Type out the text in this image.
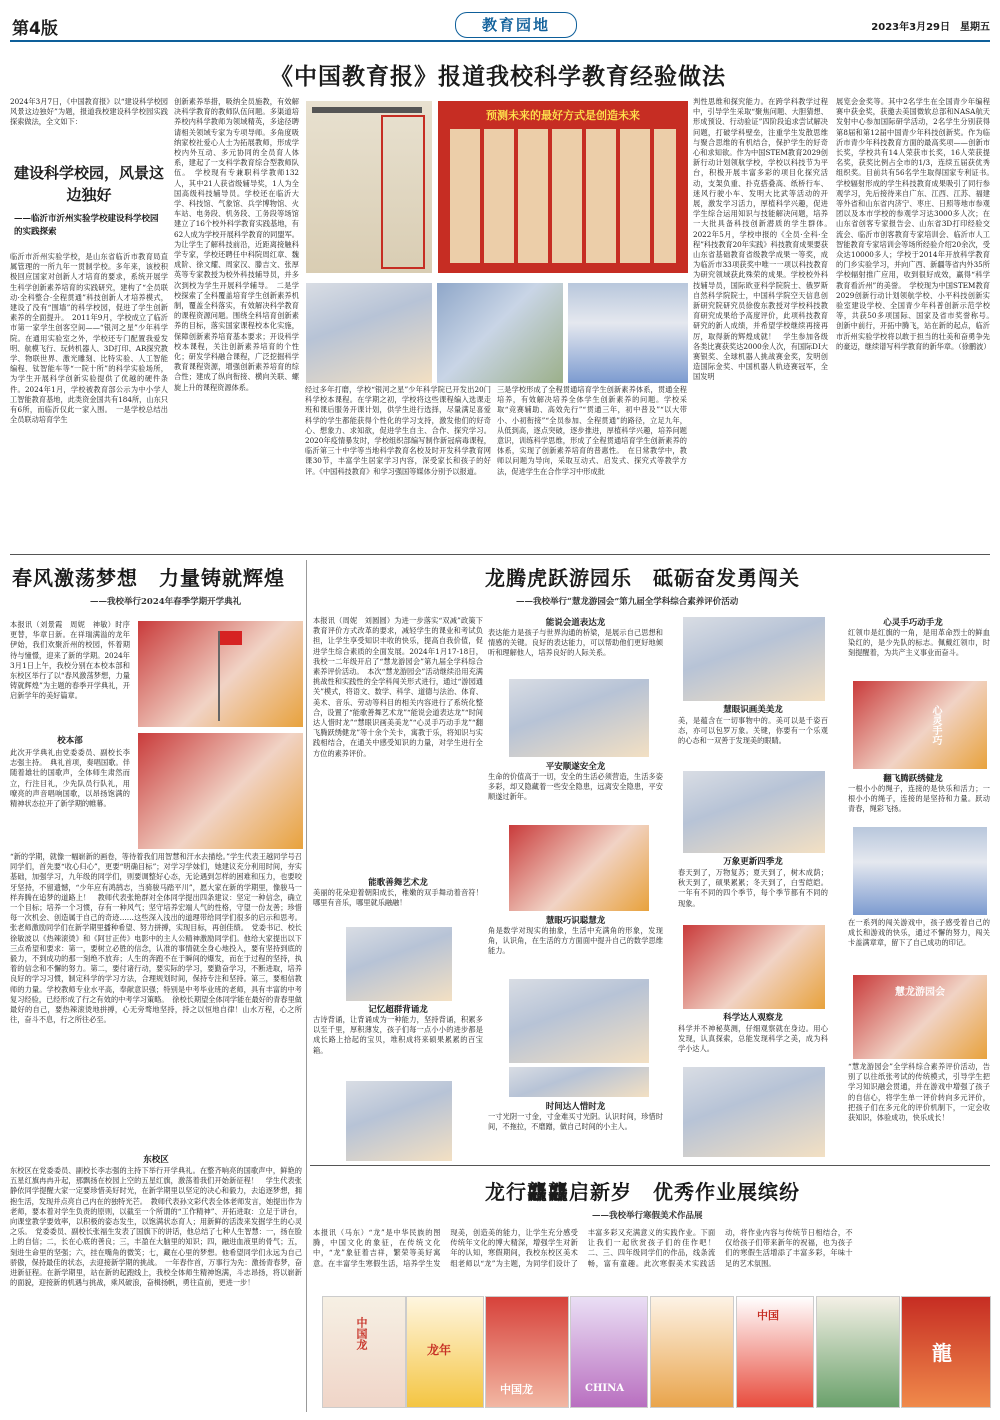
第4版	教育园地	2023年3月29日　星期五
《中国教育报》报道我校科学教育经验做法
2024年3月7日，《中国教育报》以“建设科学校园 风景这边独好”为题，报道我校建设科学校园实践探索做法，全文如下：
建设科学校园，风景这边独好
——临沂市沂州实验学校建设科学校园的实践探索
临沂市沂州实验学校，是山东省临沂市教育局直属管理的一所九年一贯制学校。多年来，该校积极回应国家对创新人才培育的要求，系统开展学生科学创新素养培育的实践研究，建构了“全员联动·全科整合·全程贯通”科技创新人才培养模式，建设了没有“围墙”的科学校园，促进了学生创新素养的全面提升。　2011年9月，学校成立了临沂市第一家学生创客空间——“银河之星”少年科学院。在通用实验室之外，学校还专门配置我爱发明、航模飞行、玩转机器人、3D打印、AR探究教学、物联世界、激光雕刻、比特实验、人工智能编程、钛智能车等“一院十所”的科学实验场所，为学生开展科学创新实验提供了优越的硬件条件。2024年1月，学校被教育部公示为中小学人工智能教育基地，此类资金国共有184所，山东只有6所，而临沂仅此一家入围。　一是学校总结出全员联动培育学生
创新素养举措，吸纳全员施教，有效解决科学教育的教师队伍问题。多渠道培养校内科学教师为领域精英，多途径聘请相关领域专家为专项导师。多角度吸纳家校社爱心人士为拓展教师，形成学校内外互动、多元协同的全员育人体系，建起了一支科学教育综合型教师队伍。　学校现有专兼职科学教师132人，其中21人获省级辅导奖，1人为全国高级科技辅导员。学校还在临沂大学、科技馆、气象馆、兵学博物馆、火车站、电务段、机务段、工务段等场馆建立了16个校外科学教育实践基地，有62人成为学校开展科学教育的同盟军。为让学生了解科技前沿，近距离接触科学专家，学校还聘任中科院周红章、魏成阶、徐文耀、周家汉、滕吉文、张厚英等专家教授为校外科技辅导员，并多次到校为学生开展科学辅导。　二是学校探索了全科覆盖培育学生创新素养机制，覆盖全科落实，有效解决科学教育的课程资源问题。围绕全科培育创新素养的目标，落实国家课程校本化实施，保障创新素养培育基本要求；开设科学校本课程，关注创新素养培育的个性化；研发学科融合课程，广泛挖掘科学教育课程资源，增强创新素养培育的综合性；建成了纵向衔接、横向关联、螺旋上升的课程资源体系。
预测未来的最好方式是创造未来
经过多年打磨，学校“银河之星”少年科学院已开发出20门科学校本课程。在学期之初，学校将这些课程编入选课走班和课后服务开课计划，供学生进行选择，尽量满足喜爱科学的学生都能获得个性化的学习支持，激发他们的好奇心、想象力、求知欲，促进学生自主、合作、探究学习。2020年疫情暴发时，学校组织部编写制作新冠病毒课程，临沂第三十中学等当地科学教育名校及时开发科学教育网课30节，丰富学生居家学习内容，深受家长和孩子的好评。《中国科技教育》和学习强国等媒体分别予以报道。
三是学校形成了全程贯通培育学生创新素养体系，贯通全程培养，有效解决培养全体学生创新素养的问题。学校采取“竞赛辅助、高效先行”“贯通三年，初中普及”“以大带小、小初衔接”“全员参加、全程贯通”的路径，立足九年，从低到高，逐点突破，逐步推进，厚植科学兴趣，培养问题意识，训练科学思维，形成了全程贯通培育学生创新素养的体系，实现了创新素养培育的普惠性。　在日常教学中，教师以问题为导向，采取互动式、启发式、探究式等教学方法，促进学生在合作学习中形成批
判性思维和探究能力。在跨学科教学过程中，引导学生采取“聚焦问题、大胆猜想、形成预设、行动验证”四阶段追求尝试解决问题，打破学科壁垒，注重学生发散思维与聚合思维的有机结合，保护学生的好奇心和求知欲。作为中国STEM教育2029创新行动计划领航学校，学校以科技节为平台，积极开展丰富多彩的项目化探究活动，支架负重、扑克搭叠高、纸桥行车、迷风行驶小车、发明大比武等活动的开展，激发学习活力，厚植科学兴趣，促进学生综合运用知识与技能解决问题，培养一大批具备科技创新潜质的学生群体。　2022年5月，学校申报的《全员·全科·全程”科技教育20年实践》科技教育成果要获山东省基础教育省级教学成果一等奖，成为临沂市33项获奖中唯一一项以科技教育为研究领域获此殊荣的成果。学校校外科技辅导员，国际欧亚科学院院士、俄罗斯自然科学院院士，中国科学院空天信息创新研究院研究员徐俊东教授对学校科技教育研究成果给予高度评价，此项科技教育研究的新人成绩，并希望学校继续再接再厉，取得新的辉煌成就！　学生参加各级各类比赛获奖达2000余人次，有国际DI大赛银奖、全球机器人挑战赛金奖，发明创造国际金奖、中国机器人轨迹赛冠军，全国发明
展览会金奖等。其中2名学生在全国青少年编程赛中获金奖，获邀去美国微软总部和NASA航天发射中心参加国际研学活动，2名学生分别获得第8届和第12届中国青少年科技创新奖。作为临沂市青少年科技教育方面的最高奖项——创新市长奖，学校共有14人荣获市长奖，16人荣获提名奖，获奖比例占全市的1/3，连续五届获优秀组织奖。目前共有56名学生取得国家专利证书。　学校辐射形成的学生科技教育成果吸引了同行参观学习，先后接待来自广东、江西、江苏、福建等外省和山东省内济宁、枣庄、日照等地市参观团以及本市学校的参观学习达3000多人次；在山东省创客专家报告会、山东省3D打印经验交流会、临沂市创客教育专家培训会、临沂市人工智能教育专家培训会等场所经验介绍20余次，受众达10000多人；学校于2014年开放科学教育的门乡实验学习，并向广西、新疆等省内外35所学校辐射推广应用，收到很好成效，赢得“科学教育看沂州”的美誉。　学校现为中国STEM教育2029创新行动计划领航学校、小平科技创新实验室建设学校、全国青少年科普创新示范学校等，共获50多项国际、国家及省市奖誉称号。　创新中前行，开拓中腾飞，站在新的起点，临沂市沂州实验学校将以敢于担当的壮美和奋勇争先的豪迈，继续谱写科学教育的新华章。（徐鹏波）
春风激荡梦想　力量铸就辉煌
——我校举行2024年春季学期开学典礼
本报讯（刘景霞　周妮　神敏）时序更替，华章日新。在祥瑞满溢的龙年伊始，我们欢聚沂州的校园，怀着期待与憧憬，迎来了新的学期。2024年3月1日上午，我校分别在本校本部和东校区举行了以“春风激荡梦想，力量铸就辉煌”为主题的春季开学典礼，开启新学年的美好篇章。
校本部
此次开学典礼由党委委员、副校长李志强主持。　典礼首项，奏唱国歌。伴随着雄壮的国歌声，全体师生肃然而立，行注目礼，少先队员行队礼，用嘹亮的声音唱响国歌，以昂扬饱满的精神状态拉开了新学期的帷幕。
“新的学期，就像一幅崭新的画卷，等待着我们用智慧和汗水去描绘。”学生代表王越同学号召同学们，首先要“收心归心”，更要“明确目标”；对学习学妹们，她建议充分利用时间，夯实基础，加强学习，九年级的同学们，则要调整好心态，无论遇到怎样的困难和压力，也要咬牙坚持，不留遗憾，“少年应有鸿鹄志，当骑骏马踏平川”，愿大家在新的学期里，像骏马一样奔腾在追梦的道路上！　教师代表张艳群对全体同学提出四条建议：坚定一种信念，确立一个目标；培养一个习惯，存有一种风气；坚守培养宏端人气的性格，守望一份友善；珍惜每一次机会、创造属于自己的奇迹……这些深入浅出的道理带给同学们很多的启示和思考。张老师激励同学们在新学期里播种希望、努力拼搏，实现目标，再创佳绩。　党委书记、校长徐敏波以《热辣滚烫》和《阿甘正传》电影中的主人公精神激励同学们。他给大家提出以下三点希望和要求：第一，要树立必胜的信念，认准的事情就全身心地投入，要有坚持到底的毅力，不到成功的那一刻绝不放弃；人生的奔跑不在于瞬间的爆发，而在于过程的坚持，执着的信念和不懈的努力。第二，要付诸行动，要实际的学习，要勤奋学习，不断进取，培养良好的学习习惯，制定科学的学习方法，合理规划时间，保持专注和坚持。第三，要相信教师的力量。学校教师专业水平高，奉献意识强；特别是中考毕业班的老师，具有丰富的中考复习经验，已经形成了行之有效的中考学习策略。　徐校长期望全体同学能在最好的青春里做最好的自己，要热辣滚烫地拼搏，心无旁骛地坚持，持之以恒地自律！山水万程，心之所往，奋斗不息，行之所往必至。
东校区
东校区在党委委员、副校长李志强的主持下举行开学典礼。在整齐响亮的国歌声中，鲜艳的五星红旗冉冉升起，那飘扬在校园上空的五星红旗，激荡着我们开始新征程！　学生代表张静依同学提醒大家一定要珍惜美好时光，在新学期里以坚定的决心和毅力，去追逐梦想，拥抱生活，发现并点亮自己内在的独特光芒。　教师代表孙文彩代表全体老师发言，她提出作为老师，要本着对学生负责的原则，以截至一个所谓的“工作精神”、开拓进取：立足于讲台，向课堂教学要效率，以积极的姿态发生，以饱满状态育人；用新鲜的活泼来发掘学生的心灵之乐。　党委委员、副校长张福生发表了国旗下的讲话，他总结了七种人生智慧：一，扬在脸上的自信；二，长在心底的善良；三，丰盈在大脑里的知识；四，融进血液里的骨气；五，刻进生命里的坚强；六，挂在嘴角的微笑；七，藏在心里的梦想。他希望同学们永远为自己骄傲，保持最佳的状态，去迎接新学期的挑战。　一年春作首，万事行为先：激扬青春梦，奋进新征程。在新学期里，站在新的起跑线上，我校全体师生精神饱满，斗志昂扬，将以崭新的面貌，迎接新的机遇与挑战，乘风破浪，奋楫扬帆，勇往直前，更进一步！
龙腾虎跃游园乐　砥砺奋发勇闯关
——我校举行“慧龙游园会”第九届全学科综合素养评价活动
本报讯（周妮　刘圆圆）为进一步落实“双减”政策下教育评价方式改革的要求，减轻学生的课业和考试负担，让学生享受知识丰收的快乐，提高自我价值，促进学生综合素质的全面发展。2024年1月17-18日，我校一二年级开启了“慧龙游园会”第九届全学科综合素养评价活动。　本次“慧龙游园会”活动继续沿用充满挑战性和实践性的全学科闯关形式进行，通过“游园通关”模式，将语文、数学、科学、道德与法治、体育、美术、音乐、劳动等科目的相关内容进行了系统化整合，设置了“能歌善舞艺术龙”“能说会道表达龙”“时间达人惜时龙”“慧眼识画美美龙”“心灵手巧动手龙”“翻飞腾跃绣健龙”等十余个关卡，寓教于乐，将知识与实践相结合，在通关中感受知识的力量，对学生进行全方位的素养评价。
能歌善舞艺术龙
美丽的花朵迎着朝阳成长，稚嫩的双手舞动着音符！哪里有音乐，哪里就乐融融！
记忆超群背诵龙
古诗背诵，让背诵成为一种能力，坚持背诵，积累多以至千里，厚积薄发，孩子们每一点小小的进步都是成长路上拾起的宝贝，堆积成将来硕果累累的百宝箱。
能说会道表达龙
表达能力是孩子与世界沟通的桥梁，是展示自己思想和情感的关键。良好的表达能力，可以帮助他们更好地倾听和理解他人，培养良好的人际关系。
平安顺遂安全龙
生命的价值高于一切，安全的生活必须营造，生活多姿多彩，却又隐藏着一些安全隐患，远离安全隐患，平安顺遂过新年。
慧眼巧识聪慧龙
角是数学对现实的抽象，生活中充满角的形象，发现角，认识角，在生活的方方面面中提升自己的数学思维能力。
时间达人惜时龙
一寸光阴一寸金，寸金难买寸光阴。认识时间，珍惜时间，不拖拉，不磨蹭，做自己时间的小主人。
慧眼识画美美龙
美，是蕴含在一切事物中的。美可以是千姿百态，亦可以包罗万象。关键，你要有一个乐观的心态和一双善于发现美的眼睛。
万象更新四季龙
春天到了，万物复苏；夏天到了，树木成荫；秋天到了，硕果累累；冬天到了，白雪皑皑。一年有不同的四个季节，每个季节都有不同的现象。
科学达人观察龙
科学并不神秘莫测，仔细观察就在身边。用心发现，认真探索，总能发现科学之美，成为科学小达人。
心灵手巧动手龙
红领巾是红旗的一角，是用革命烈士的鲜血染红的，是少先队的标志。佩戴红领巾，时刻提醒着，为共产主义事业而奋斗。
心灵手巧
翻飞腾跃绣健龙
一根小小的绳子，连接的是快乐和活力；一根小小的绳子，连接的是坚持和力量。跃动青春，绳彩飞扬。
在一系列的闯关游戏中，孩子感受着自己的成长和游戏的快乐，通过不懈的努力，闯关卡盖满章章，留下了自己成功的印记。
慧龙游园会
“慧龙游园会”全学科综合素养评价活动，告别了以往纸张考试的传统模式，引导学生把学习知识融会贯通，并在游戏中增强了孩子的自信心，将学生单一评价转向多元评价，把孩子们在多元化的评价机制下，一定会收获知识，体验成功，快乐成长！
龙行龘龘启新岁　优秀作业展缤纷
——我校举行寒假美术作品展
本报讯（马东）“龙”是中华民族的图腾，中国文化的象征，在传统文化中，“龙”象征着吉祥，繁荣等美好寓意。在丰富学生寒假生活，培养学生发现美，创造美的能力，让学生充分感受传统年文化的博大精深，增强学生对新年的认知，寒假期间，我校东校区美术组老师以“龙”为主题，为同学们设计了丰富多彩又充满意义的实践作业。下面让我们一起欣赏孩子们的佳作吧！　二、三、四年级同学们的作品，线条流畅，富有童趣。此次寒假美术实践活动，将作业内容与传统节日相结合，不仅给孩子们带来新年的祝福，也为孩子们的寒假生活增添了丰富多彩，年味十足的艺术氛围。
中国龙	龙年
中国龙	CHINA
中国
龍
